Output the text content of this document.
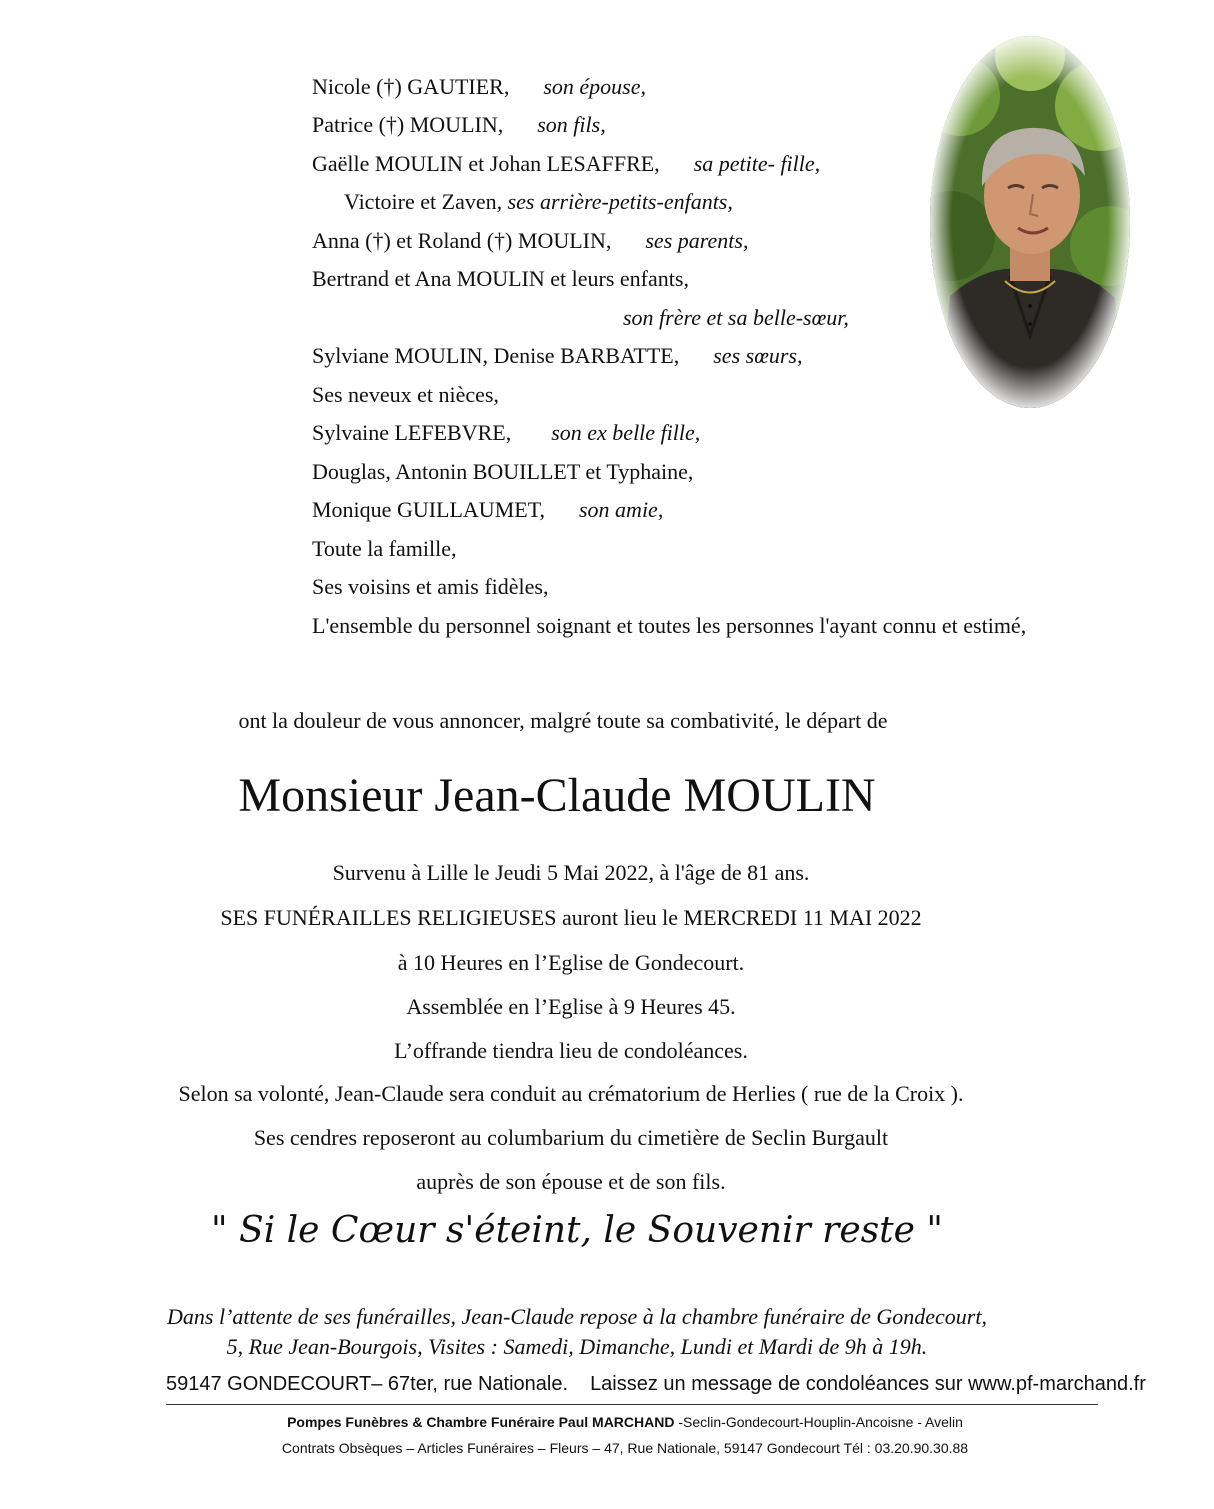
Nicole (†) GAUTIER, son épouse,
Patrice (†) MOULIN, son fils,
Gaëlle MOULIN et Johan LESAFFRE, sa petite- fille,
Victoire et Zaven, ses arrière-petits-enfants,
Anna (†) et Roland (†) MOULIN, ses parents,
Bertrand et Ana MOULIN et leurs enfants,
son frère et sa belle-sœur,
Sylviane MOULIN, Denise BARBATTE, ses sœurs,
Ses neveux et nièces,
Sylvaine LEFEBVRE, son ex belle fille,
Douglas, Antonin BOUILLET et Typhaine,
Monique GUILLAUMET, son amie,
Toute la famille,
Ses voisins et amis fidèles,
L'ensemble du personnel soignant et toutes les personnes l'ayant connu et estimé,
ont la douleur de vous annoncer, malgré toute sa combativité, le départ de
Monsieur Jean-Claude MOULIN
Survenu à Lille le Jeudi 5 Mai 2022, à l'âge de 81 ans.
SES FUNÉRAILLES RELIGIEUSES auront lieu le MERCREDI 11 MAI 2022
à 10 Heures en l’Eglise de Gondecourt.
Assemblée en l’Eglise à 9 Heures 45.
L’offrande tiendra lieu de condoléances.
Selon sa volonté, Jean-Claude sera conduit au crématorium de Herlies ( rue de la Croix ).
Ses cendres reposeront au columbarium du cimetière de Seclin Burgault
auprès de son épouse et de son fils.
" Si le Cœur s'éteint, le Souvenir reste "
Dans l’attente de ses funérailles, Jean-Claude repose à la chambre funéraire de Gondecourt,
5, Rue Jean-Bourgois, Visites : Samedi, Dimanche, Lundi et Mardi de 9h à 19h.
59147 GONDECOURT– 67ter, rue Nationale. Laissez un message de condoléances sur www.pf-marchand.fr
Pompes Funèbres & Chambre Funéraire Paul MARCHAND -Seclin-Gondecourt-Houplin-Ancoisne - Avelin
Contrats Obsèques – Articles Funéraires – Fleurs – 47, Rue Nationale, 59147 Gondecourt Tél : 03.20.90.30.88
